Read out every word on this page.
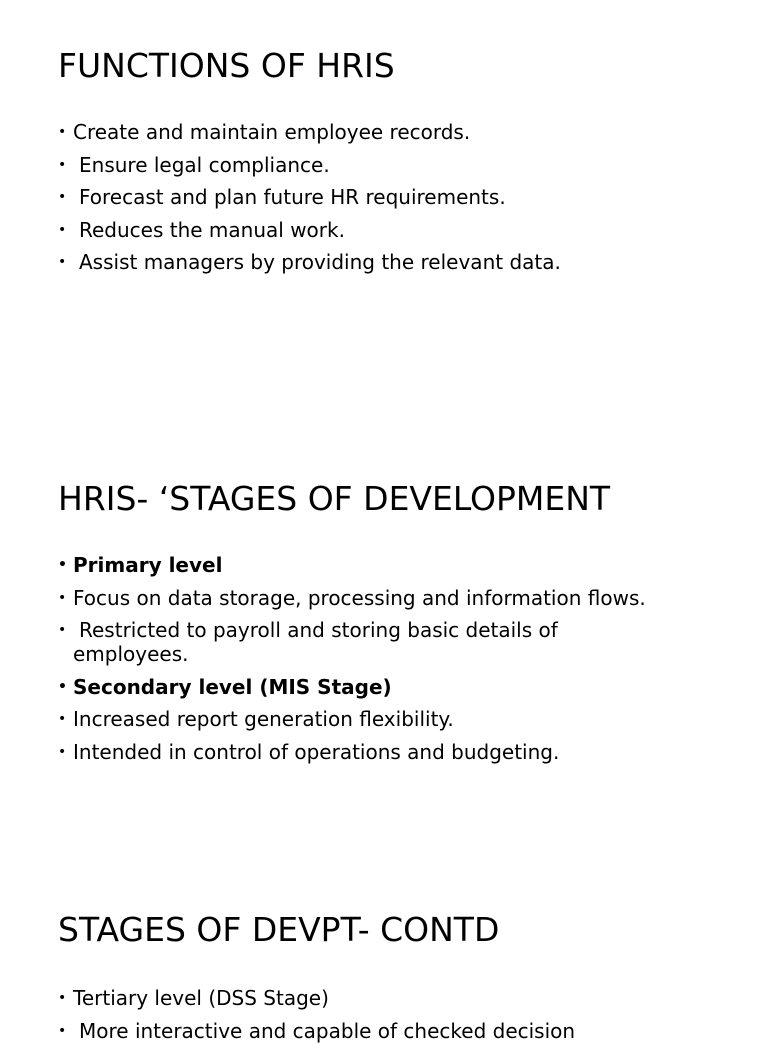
FUNCTIONS OF HRIS
• Create and maintain employee records.
• Ensure legal compliance.
• Forecast and plan future HR requirements.
• Reduces the manual work.
• Assist managers by providing the relevant data.
HRIS- ‘STAGES OF DEVELOPMENT
• Primary level
• Focus on data storage, processing and information flows.
• Restricted to payroll and storing basic details of employees.
• Secondary level (MIS Stage)
• Increased report generation flexibility.
• Intended in control of operations and budgeting.
STAGES OF DEVPT- CONTD
• Tertiary level (DSS Stage)
• More interactive and capable of checked decision
